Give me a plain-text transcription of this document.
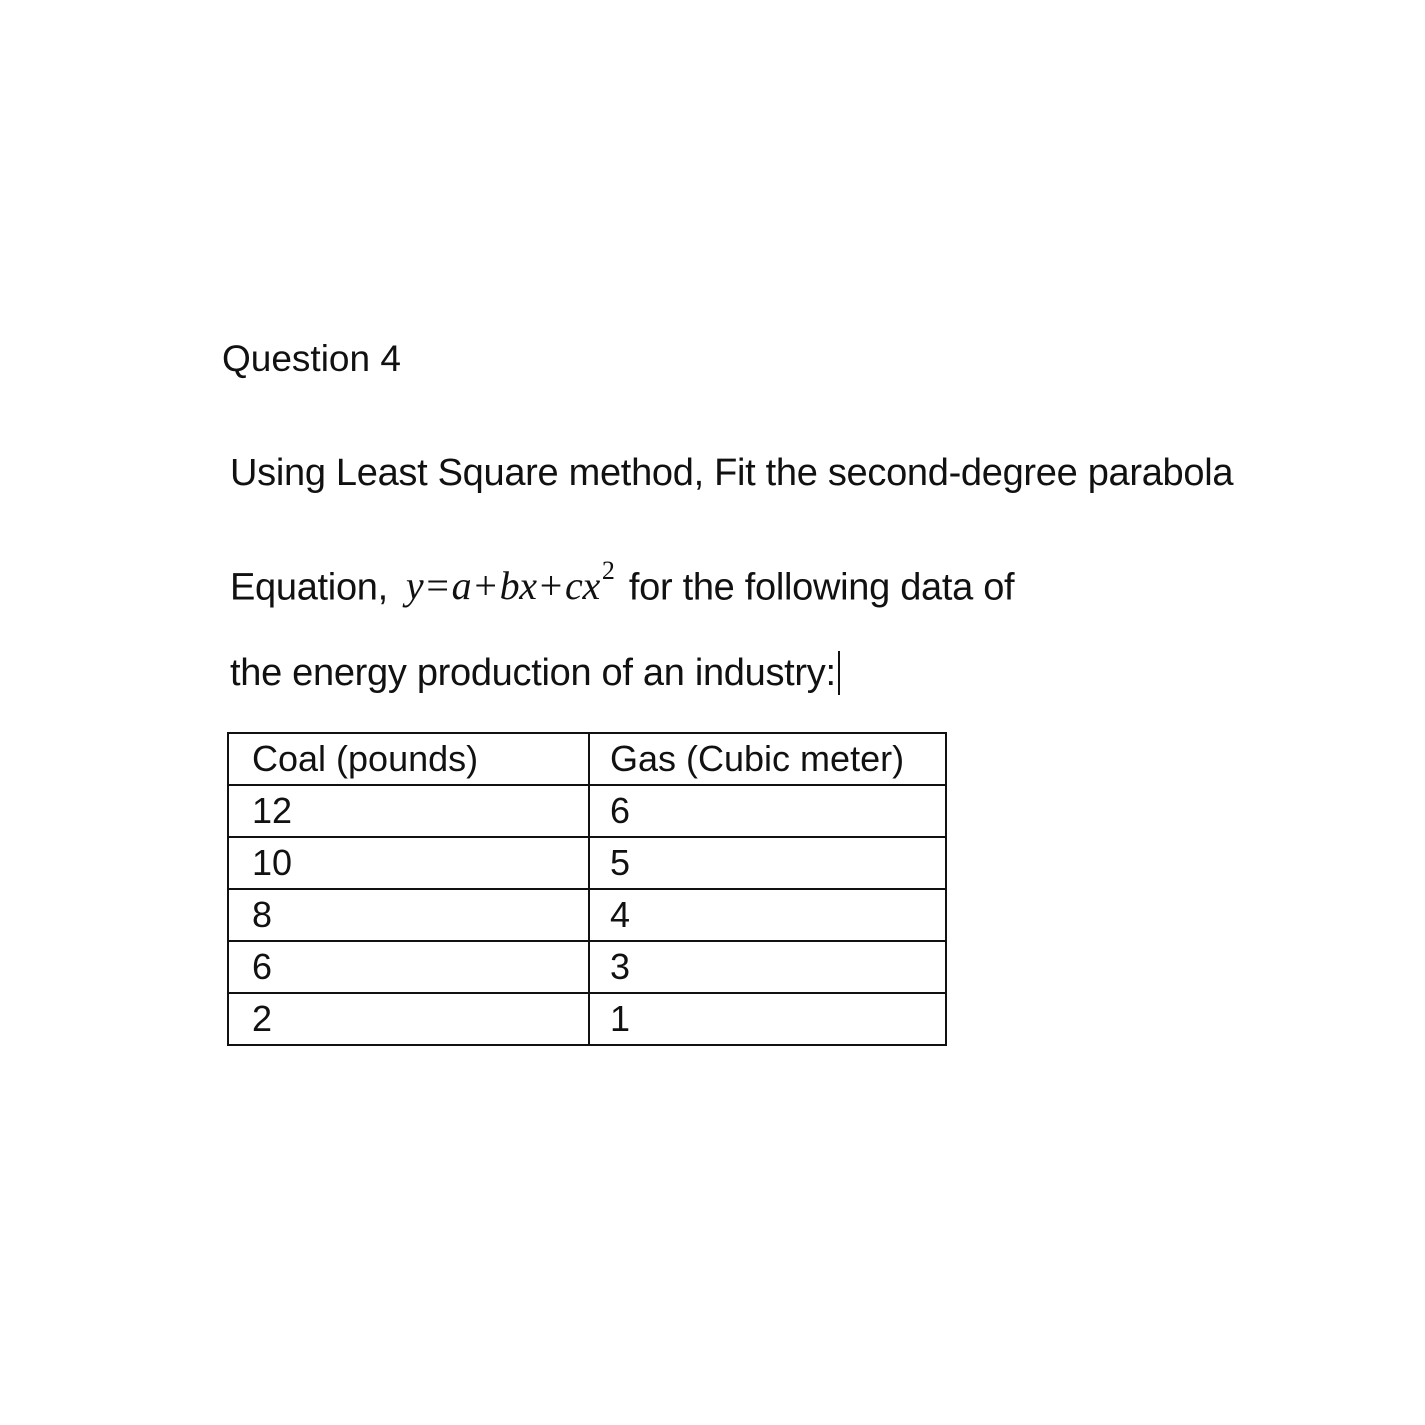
Question 4
Using Least Square method, Fit the second-degree parabola
Equation, $y=a+bx+cx^2$ for the following data of
the energy production of an industry:
Coal (pounds)	Gas (Cubic meter)
12	6
10	5
8	4
6	3
2	1
